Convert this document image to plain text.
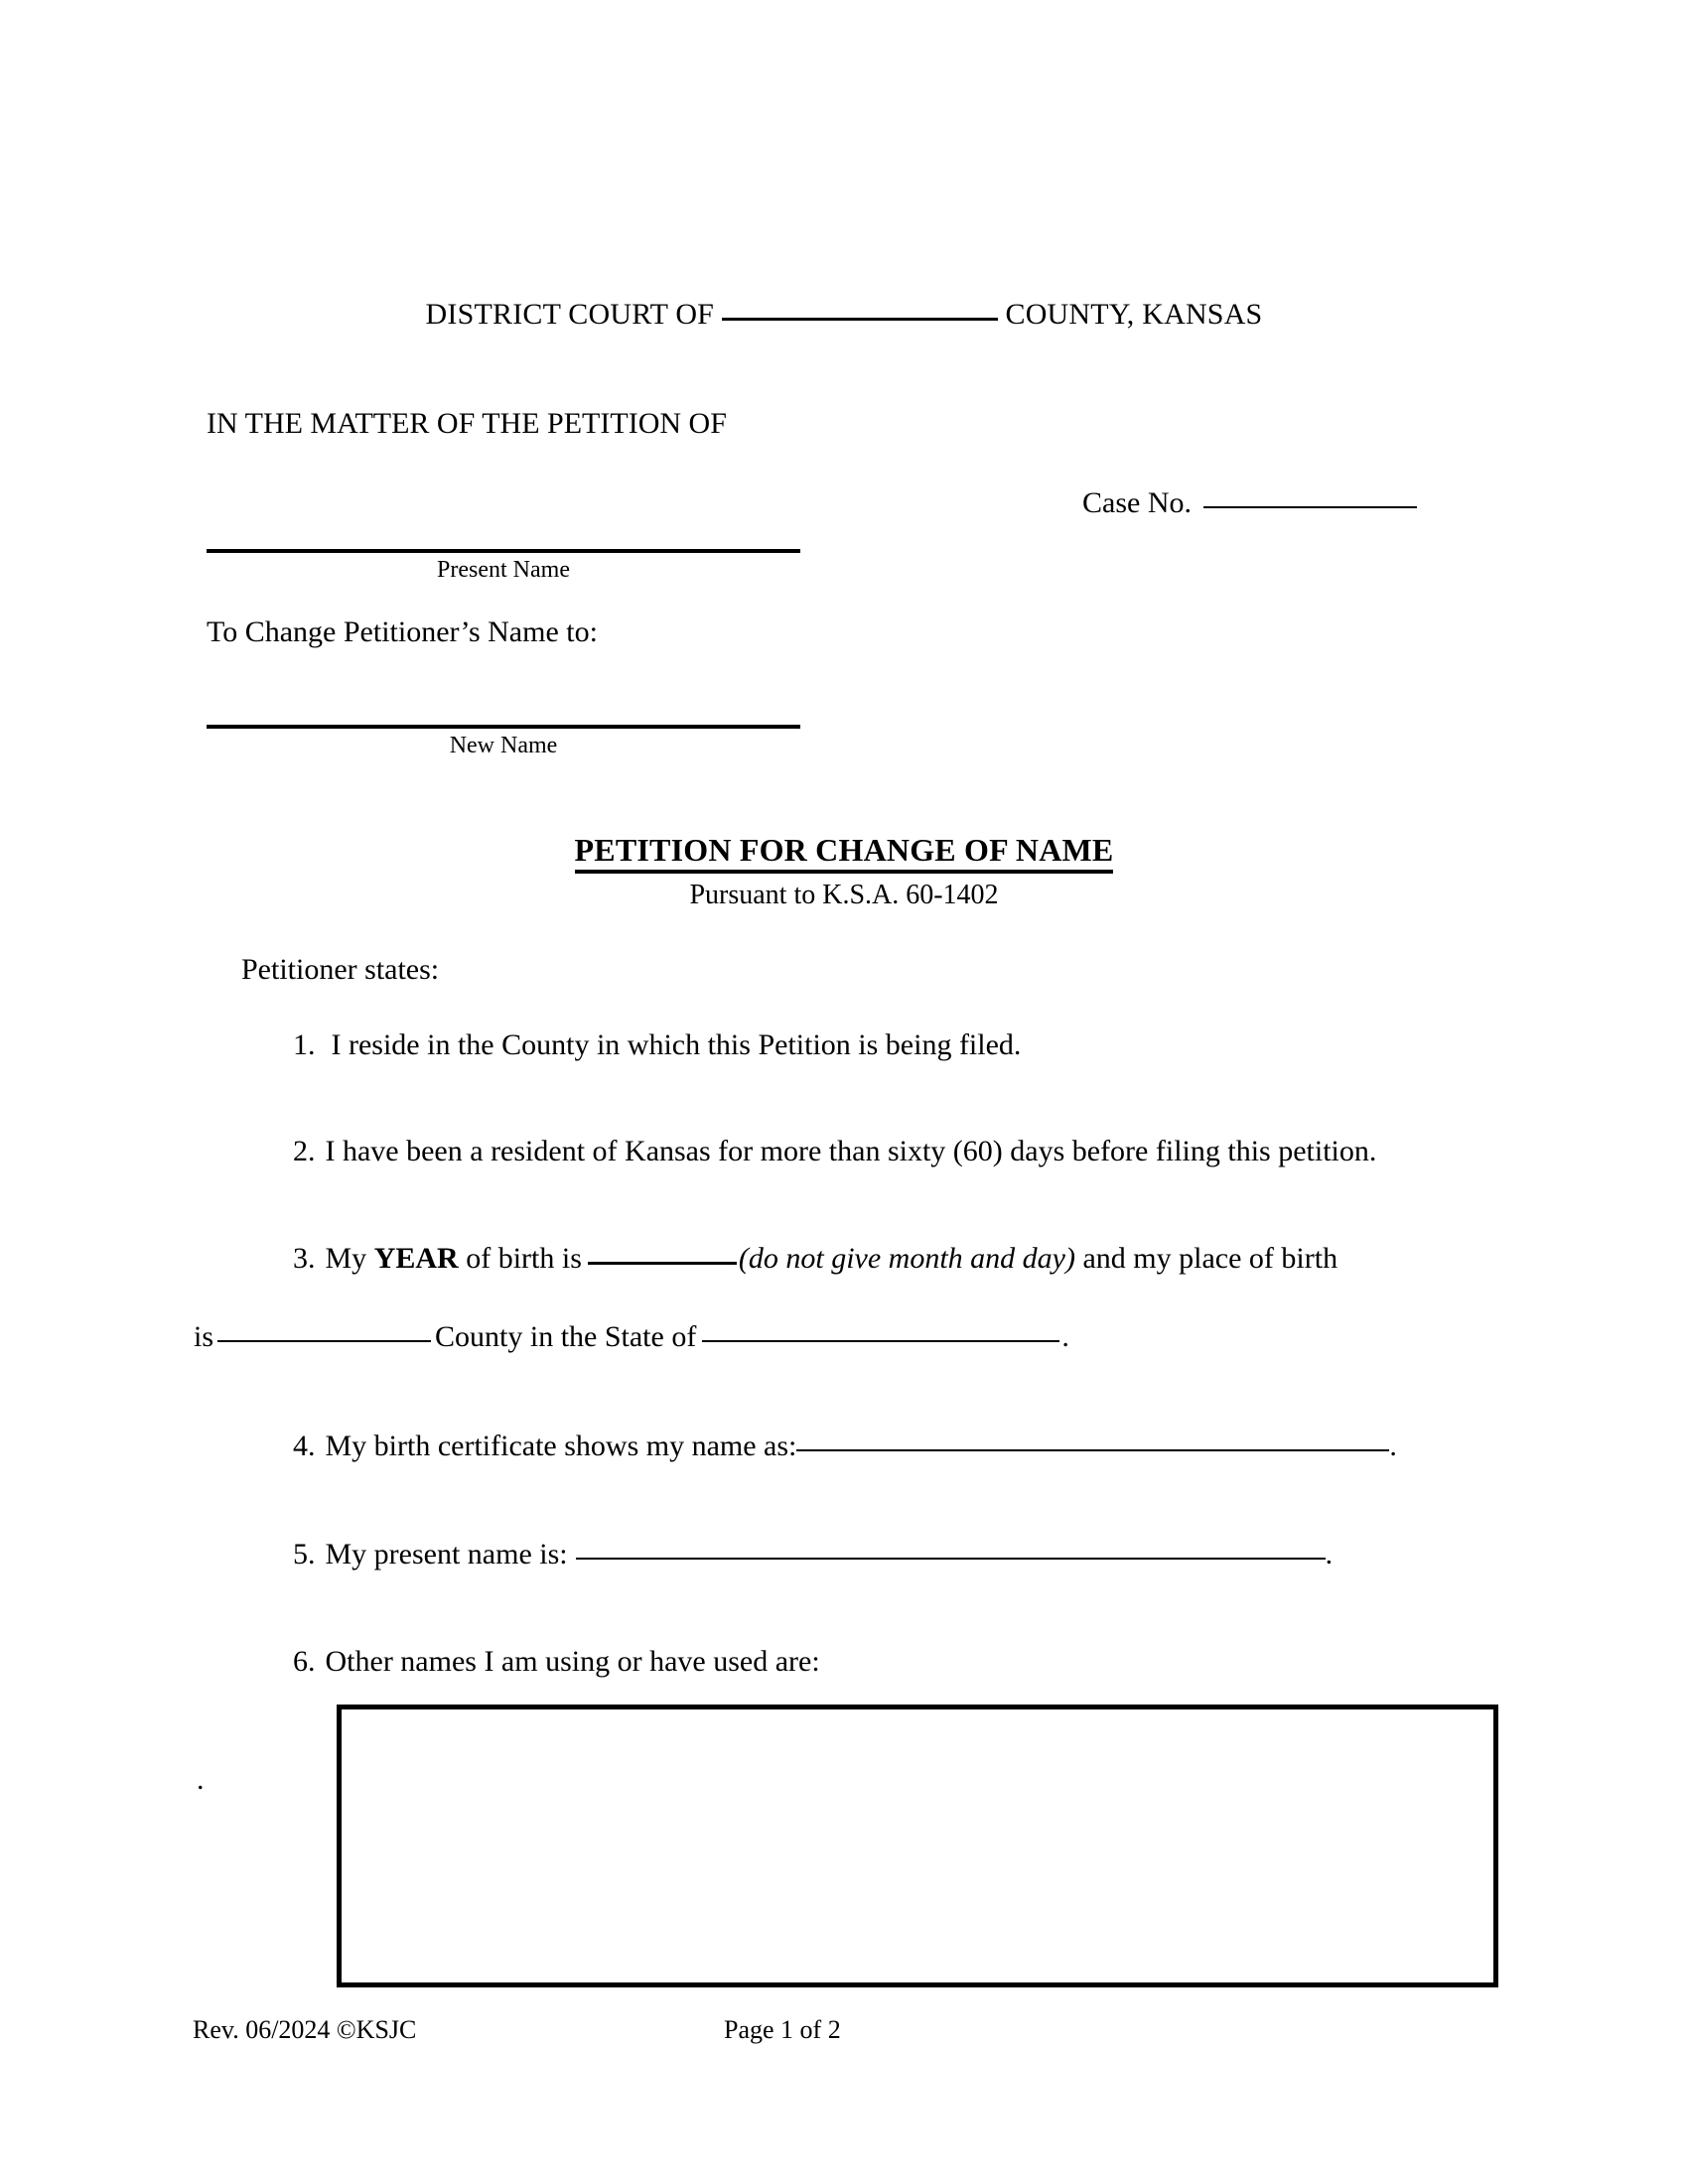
DISTRICT COURT OF	COUNTY, KANSAS
IN THE MATTER OF THE PETITION OF
Case No.
Present Name
To Change Petitioner’s Name to:
New Name
PETITION FOR CHANGE OF NAME
Pursuant to K.S.A. 60-1402
Petitioner states:
1. I reside in the County in which this Petition is being filed.
2. I have been a resident of Kansas for more than sixty (60) days before filing this petition.
3. My YEAR of birth is	(do not give month and day) and my place of birth
is	County in the State of	.
4. My birth certificate shows my name as:	.
5. My present name is:	.
6. Other names I am using or have used are:
.
Rev. 06/2024 ©KSJC	Page 1 of 2
